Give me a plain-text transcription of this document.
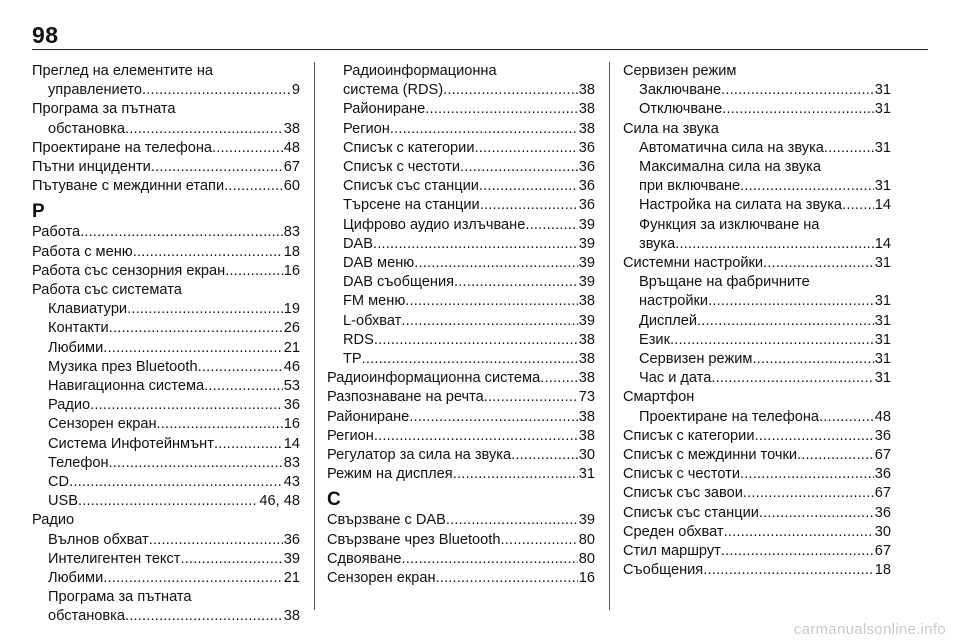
98
Преглед на елементите на
управлението .....	9
Програма за пътната
обстановка .....	38
Проектиране на телефона .....	48
Пътни инциденти .....	67
Пътуване с междинни етапи .....	60
Р
Работа .....	83
Работа с меню .....	18
Работа със сензорния екран .....	16
Работа със системата
Клавиатури .....	19
Контакти .....	26
Любими .....	21
Музика през Bluetooth .....	46
Навигационна система .....	53
Радио .....	36
Сензорен екран .....	16
Система Инфотейнмънт .....	14
Телефон .....	83
CD .....	43
USB .....	46, 48
Радио
Вълнов обхват .....	36
Интелигентен текст .....	39
Любими .....	21
Програма за пътната
обстановка .....	38
Радиоинформационна
система (RDS) .....	38
Райониране .....	38
Регион .....	38
Списък с категории .....	36
Списък с честоти .....	36
Списък със станции .....	36
Търсене на станции .....	36
Цифрово аудио излъчване .....	39
DAB .....	39
DAB меню .....	39
DAB съобщения .....	39
FM меню .....	38
L-обхват .....	39
RDS .....	38
TP .....	38
Радиоинформационна система .....	38
Разпознаване на речта .....	73
Райониране .....	38
Регион .....	38
Регулатор за сила на звука .....	30
Режим на дисплея .....	31
С
Свързване с DAB .....	39
Свързване чрез Bluetooth .....	80
Сдвояване .....	80
Сензорен екран .....	16
Сервизен режим
Заключване .....	31
Отключване .....	31
Сила на звука
Автоматична сила на звука .....	31
Максимална сила на звука
при включване .....	31
Настройка на силата на звука ..... 14
Функция за изключване на
звука .....	14
Системни настройки .....	31
Връщане на фабричните
настройки .....	31
Дисплей .....	31
Език .....	31
Сервизен режим .....	31
Час и дата .....	31
Смартфон
Проектиране на телефона .....	48
Списък с категории .....	36
Списък с междинни точки .....	67
Списък с честоти .....	36
Списък със завои .....	67
Списък със станции .....	36
Среден обхват .....	30
Стил маршрут .....	67
Съобщения .....	18
carmanualsonline.info
